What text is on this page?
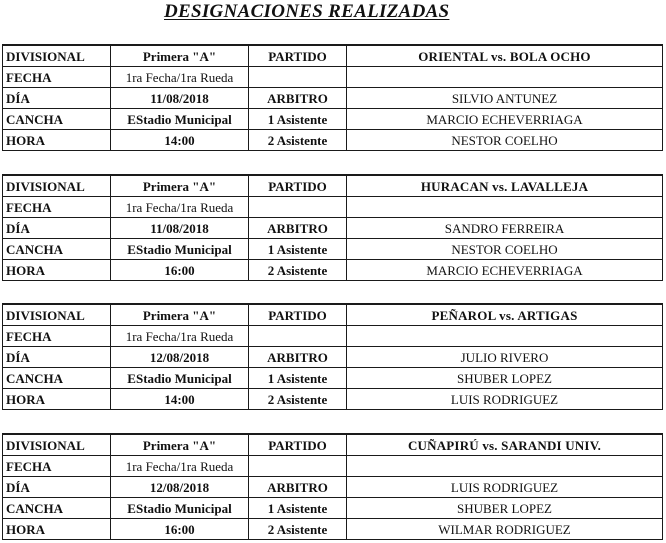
DESIGNACIONES REALIZADAS
DIVISIONAL	Primera "A"	PARTIDO	ORIENTAL vs. BOLA OCHO
FECHA	1ra Fecha/1ra Rueda		
DÍA	11/08/2018	ARBITRO	SILVIO ANTUNEZ
CANCHA	EStadio Municipal	1 Asistente	MARCIO ECHEVERRIAGA
HORA	14:00	2 Asistente	NESTOR COELHO
DIVISIONAL	Primera "A"	PARTIDO	HURACAN vs. LAVALLEJA
FECHA	1ra Fecha/1ra Rueda		
DÍA	11/08/2018	ARBITRO	SANDRO FERREIRA
CANCHA	EStadio Municipal	1 Asistente	NESTOR COELHO
HORA	16:00	2 Asistente	MARCIO ECHEVERRIAGA
DIVISIONAL	Primera "A"	PARTIDO	PEÑAROL vs. ARTIGAS
FECHA	1ra Fecha/1ra Rueda		
DÍA	12/08/2018	ARBITRO	JULIO RIVERO
CANCHA	EStadio Municipal	1 Asistente	SHUBER LOPEZ
HORA	14:00	2 Asistente	LUIS RODRIGUEZ
DIVISIONAL	Primera "A"	PARTIDO	CUÑAPIRÚ vs. SARANDI UNIV.
FECHA	1ra Fecha/1ra Rueda		
DÍA	12/08/2018	ARBITRO	LUIS RODRIGUEZ
CANCHA	EStadio Municipal	1 Asistente	SHUBER LOPEZ
HORA	16:00	2 Asistente	WILMAR RODRIGUEZ
